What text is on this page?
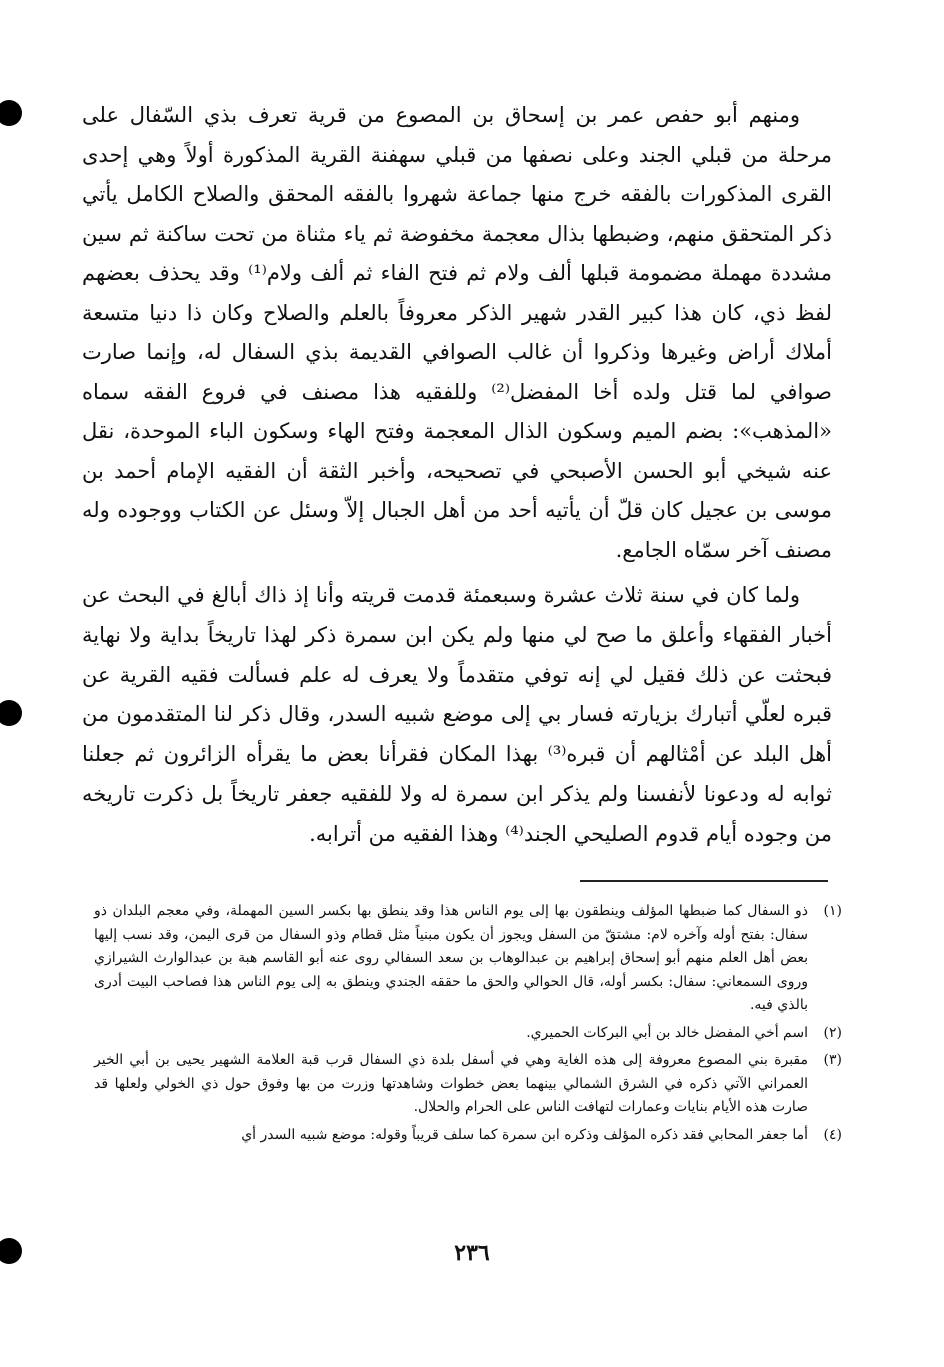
ومنهم أبو حفص عمر بن إسحاق بن المصوع من قرية تعرف بذي السّفال على مرحلة من قبلي الجند وعلى نصفها من قبلي سهفنة القرية المذكورة أولاً وهي إحدى القرى المذكورات بالفقه خرج منها جماعة شهروا بالفقه المحقق والصلاح الكامل يأتي ذكر المتحقق منهم، وضبطها بذال معجمة مخفوضة ثم ياء مثناة من تحت ساكنة ثم سين مشددة مهملة مضمومة قبلها ألف ولام ثم فتح الفاء ثم ألف ولام⁽¹⁾ وقد يحذف بعضهم لفظ ذي، كان هذا كبير القدر شهير الذكر معروفاً بالعلم والصلاح وكان ذا دنيا متسعة أملاك أراض وغيرها وذكروا أن غالب الصوافي القديمة بذي السفال له، وإنما صارت صوافي لما قتل ولده أخا المفضل⁽²⁾ وللفقيه هذا مصنف في فروع الفقه سماه «المذهب»: بضم الميم وسكون الذال المعجمة وفتح الهاء وسكون الباء الموحدة، نقل عنه شيخي أبو الحسن الأصبحي في تصحيحه، وأخبر الثقة أن الفقيه الإمام أحمد بن موسى بن عجيل كان قلّ أن يأتيه أحد من أهل الجبال إلاّ وسئل عن الكتاب ووجوده وله مصنف آخر سمّاه الجامع.

ولما كان في سنة ثلاث عشرة وسبعمئة قدمت قريته وأنا إذ ذاك أبالغ في البحث عن أخبار الفقهاء وأعلق ما صح لي منها ولم يكن ابن سمرة ذكر لهذا تاريخاً بداية ولا نهاية فبحثت عن ذلك فقيل لي إنه توفي متقدماً ولا يعرف له علم فسألت فقيه القرية عن قبره لعلّي أتبارك بزيارته فسار بي إلى موضع شبيه السدر، وقال ذكر لنا المتقدمون من أهل البلد عن أمْثالهم أن قبره⁽³⁾ بهذا المكان فقرأنا بعض ما يقرأه الزائرون ثم جعلنا ثوابه له ودعونا لأنفسنا ولم يذكر ابن سمرة له ولا للفقيه جعفر تاريخاً بل ذكرت تاريخه من وجوده أيام قدوم الصليحي الجند⁽⁴⁾ وهذا الفقيه من أترابه.

(١)
ذو السفال كما ضبطها المؤلف وينطقون بها إلى يوم الناس هذا وقد ينطق بها بكسر السين المهملة، وفي معجم البلدان ذو سفال: بفتح أوله وآخره لام: مشتقّ من السفل ويجوز أن يكون مبنياً مثل قطام وذو السفال من قرى اليمن، وقد نسب إليها بعض أهل العلم منهم أبو إسحاق إبراهيم بن عبدالوهاب بن سعد السفالي روى عنه أبو القاسم هبة بن عبدالوارث الشيرازي وروى السمعاني: سفال: بكسر أوله، قال الحوالي والحق ما حققه الجندي وينطق به إلى يوم الناس هذا فصاحب البيت أدرى بالذي فيه.
(٢)
اسم أخي المفضل خالد بن أبي البركات الحميري.
(٣)
مقبرة بني المصوع معروفة إلى هذه الغاية وهي في أسفل بلدة ذي السفال قرب قبة العلامة الشهير يحيى بن أبي الخير العمراني الآتي ذكره في الشرق الشمالي بينهما بعض خطوات وشاهدتها وزرت من بها وفوق حول ذي الخولي ولعلها قد صارت هذه الأيام بنايات وعمارات لتهافت الناس على الحرام والحلال.
(٤)
أما جعفر المحابي فقد ذكره المؤلف وذكره ابن سمرة كما سلف قريباً وقوله: موضع شبيه السدر أي
٢٣٦
